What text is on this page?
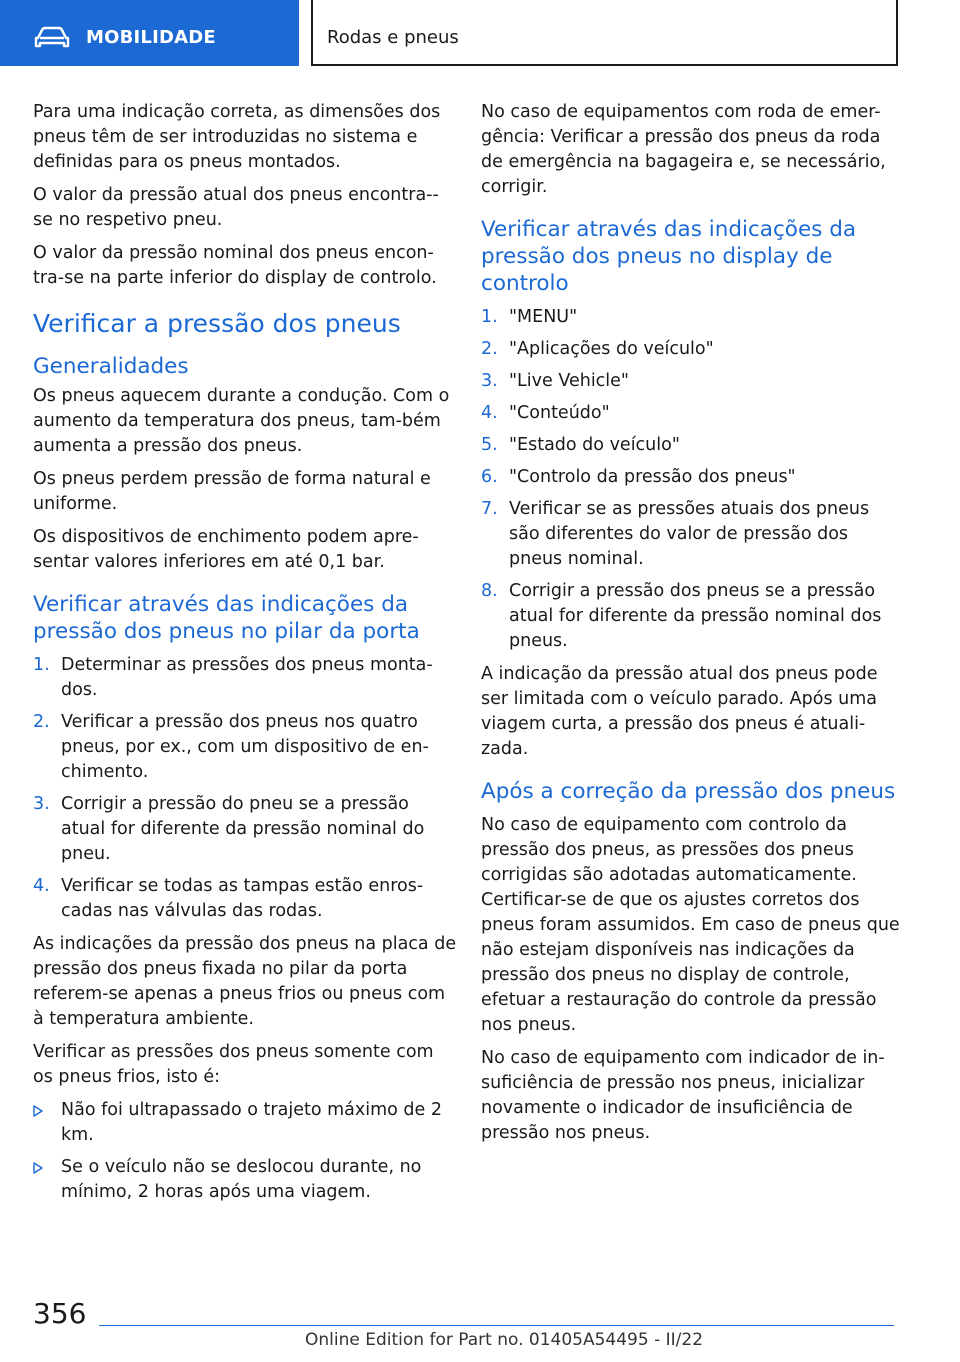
MOBILIDADE	Rodas e pneus

Para uma indicação correta, as dimensões dos pneus têm de ser introduzidas no sistema e definidas para os pneus montados.

O valor da pressão atual dos pneus encontra--se no respetivo pneu.

O valor da pressão nominal dos pneus encon-tra-se na parte inferior do display de controlo.

Verificar a pressão dos pneus
Generalidades

Os pneus aquecem durante a condução. Com o aumento da temperatura dos pneus, tam-bém aumenta a pressão dos pneus.

Os pneus perdem pressão de forma natural e uniforme.

Os dispositivos de enchimento podem apre-sentar valores inferiores em até 0,1 bar.

Verificar através das indicações da pressão dos pneus no pilar da porta
1. Determinar as pressões dos pneus monta-dos.
2. Verificar a pressão dos pneus nos quatro pneus, por ex., com um dispositivo de en-chimento.
3. Corrigir a pressão do pneu se a pressão atual for diferente da pressão nominal do pneu.
4. Verificar se todas as tampas estão enros-cadas nas válvulas das rodas.

As indicações da pressão dos pneus na placa de pressão dos pneus fixada no pilar da porta referem-se apenas a pneus frios ou pneus com à temperatura ambiente.

Verificar as pressões dos pneus somente com os pneus frios, isto é:

Não foi ultrapassado o trajeto máximo de 2 km.
Se o veículo não se deslocou durante, no mínimo, 2 horas após uma viagem.

No caso de equipamentos com roda de emer-gência: Verificar a pressão dos pneus da roda de emergência na bagageira e, se necessário, corrigir.

Verificar através das indicações da pressão dos pneus no display de controlo
1. "MENU"
2. "Aplicações do veículo"
3. "Live Vehicle"
4. "Conteúdo"
5. "Estado do veículo"
6. "Controlo da pressão dos pneus"
7. Verificar se as pressões atuais dos pneus são diferentes do valor de pressão dos pneus nominal.
8. Corrigir a pressão dos pneus se a pressão atual for diferente da pressão nominal dos pneus.

A indicação da pressão atual dos pneus pode ser limitada com o veículo parado. Após uma viagem curta, a pressão dos pneus é atuali-zada.

Após a correção da pressão dos pneus

No caso de equipamento com controlo da pressão dos pneus, as pressões dos pneus corrigidas são adotadas automaticamente. Certificar-se de que os ajustes corretos dos pneus foram assumidos. Em caso de pneus que não estejam disponíveis nas indicações da pressão dos pneus no display de controle, efetuar a restauração do controle da pressão nos pneus.

No caso de equipamento com indicador de in-suficiência de pressão nos pneus, inicializar novamente o indicador de insuficiência de pressão nos pneus.

356
Online Edition for Part no. 01405A54495 - II/22
